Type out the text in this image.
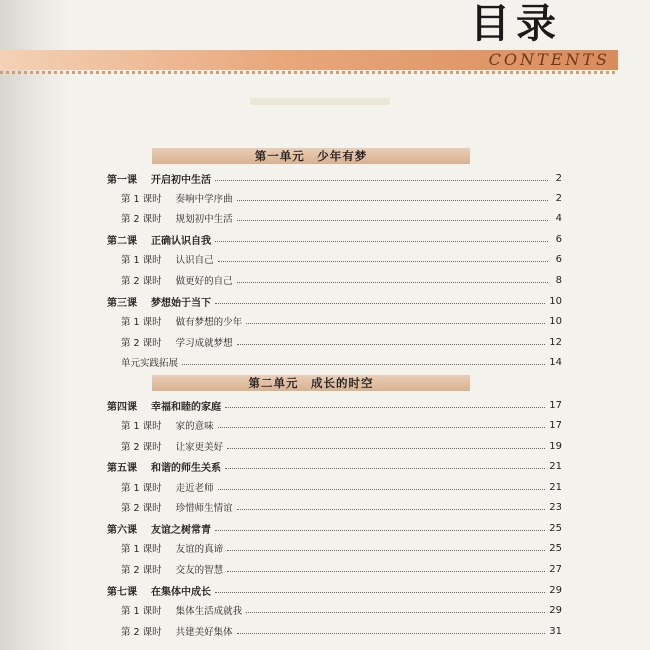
目录
CONTENTS
第一单元　少年有梦
第二单元　成长的时空
第一课 开启初中生活	2
第 1 课时 奏响中学序曲	2
第 2 课时 规划初中生活	4
第二课 正确认识自我	6
第 1 课时 认识自己	6
第 2 课时 做更好的自己	8
第三课 梦想始于当下	10
第 1 课时 做有梦想的少年	10
第 2 课时 学习成就梦想	12
单元实践拓展	14
第四课 幸福和睦的家庭	17
第 1 课时 家的意味	17
第 2 课时 让家更美好	19
第五课 和谐的师生关系	21
第 1 课时 走近老师	21
第 2 课时 珍惜师生情谊	23
第六课 友谊之树常青	25
第 1 课时 友谊的真谛	25
第 2 课时 交友的智慧	27
第七课 在集体中成长	29
第 1 课时 集体生活成就我	29
第 2 课时 共建美好集体	31
